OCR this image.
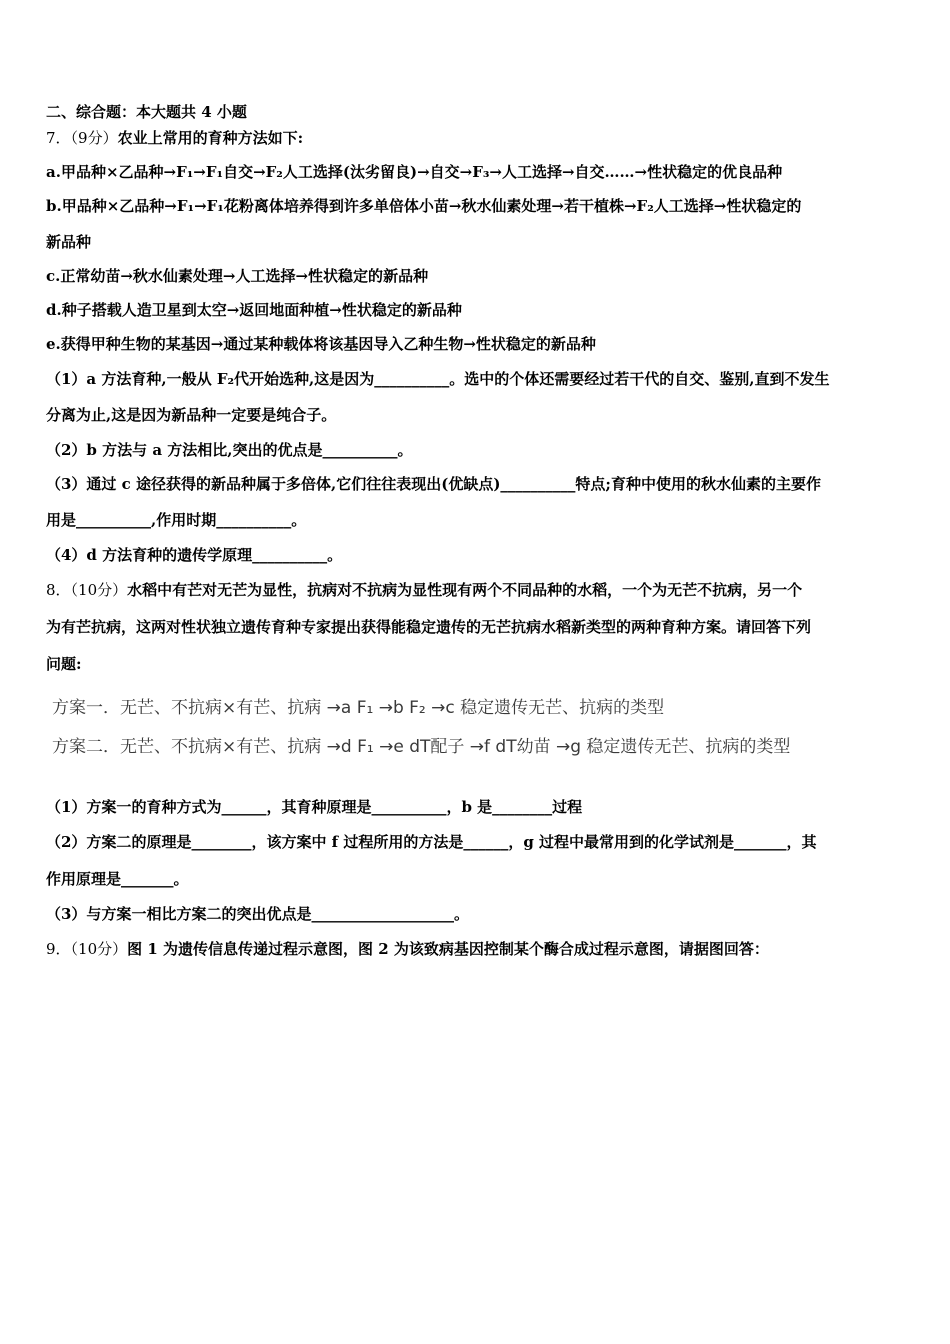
二、综合题：本大题共 4 小题
7．（9分）农业上常用的育种方法如下:
a.甲品种×乙品种→F₁→F₁自交→F₂人工选择(汰劣留良)→自交→F₃→人工选择→自交……→性状稳定的优良品种
b.甲品种×乙品种→F₁→F₁花粉离体培养得到许多单倍体小苗→秋水仙素处理→若干植株→F₂人工选择→性状稳定的
新品种
c.正常幼苗→秋水仙素处理→人工选择→性状稳定的新品种
d.种子搭载人造卫星到太空→返回地面种植→性状稳定的新品种
e.获得甲种生物的某基因→通过某种载体将该基因导入乙种生物→性状稳定的新品种
（1）a 方法育种,一般从 F₂代开始选种,这是因为__________。选中的个体还需要经过若干代的自交、鉴别,直到不发生
分离为止,这是因为新品种一定要是纯合子。
（2）b 方法与 a 方法相比,突出的优点是__________。
（3）通过 c 途径获得的新品种属于多倍体,它们往往表现出(优缺点)__________特点;育种中使用的秋水仙素的主要作
用是__________,作用时期__________。
（4）d 方法育种的遗传学原理__________。
8．（10分）水稻中有芒对无芒为显性，抗病对不抗病为显性现有两个不同品种的水稻，一个为无芒不抗病，另一个
为有芒抗病，这两对性状独立遗传育种专家提出获得能稳定遗传的无芒抗病水稻新类型的两种育种方案。请回答下列
问题:
方案一．无芒、不抗病×有芒、抗病 →a F₁ →b F₂ →c 稳定遗传无芒、抗病的类型
方案二．无芒、不抗病×有芒、抗病 →d F₁ →e dT配子 →f dT幼苗 →g 稳定遗传无芒、抗病的类型
（1）方案一的育种方式为______，其育种原理是__________，b 是________过程
（2）方案二的原理是________，该方案中 f 过程所用的方法是______，g 过程中最常用到的化学试剂是_______，其
作用原理是_______。
（3）与方案一相比方案二的突出优点是___________________。
9．（10分）图 1 为遗传信息传递过程示意图，图 2 为该致病基因控制某个酶合成过程示意图，请据图回答：
